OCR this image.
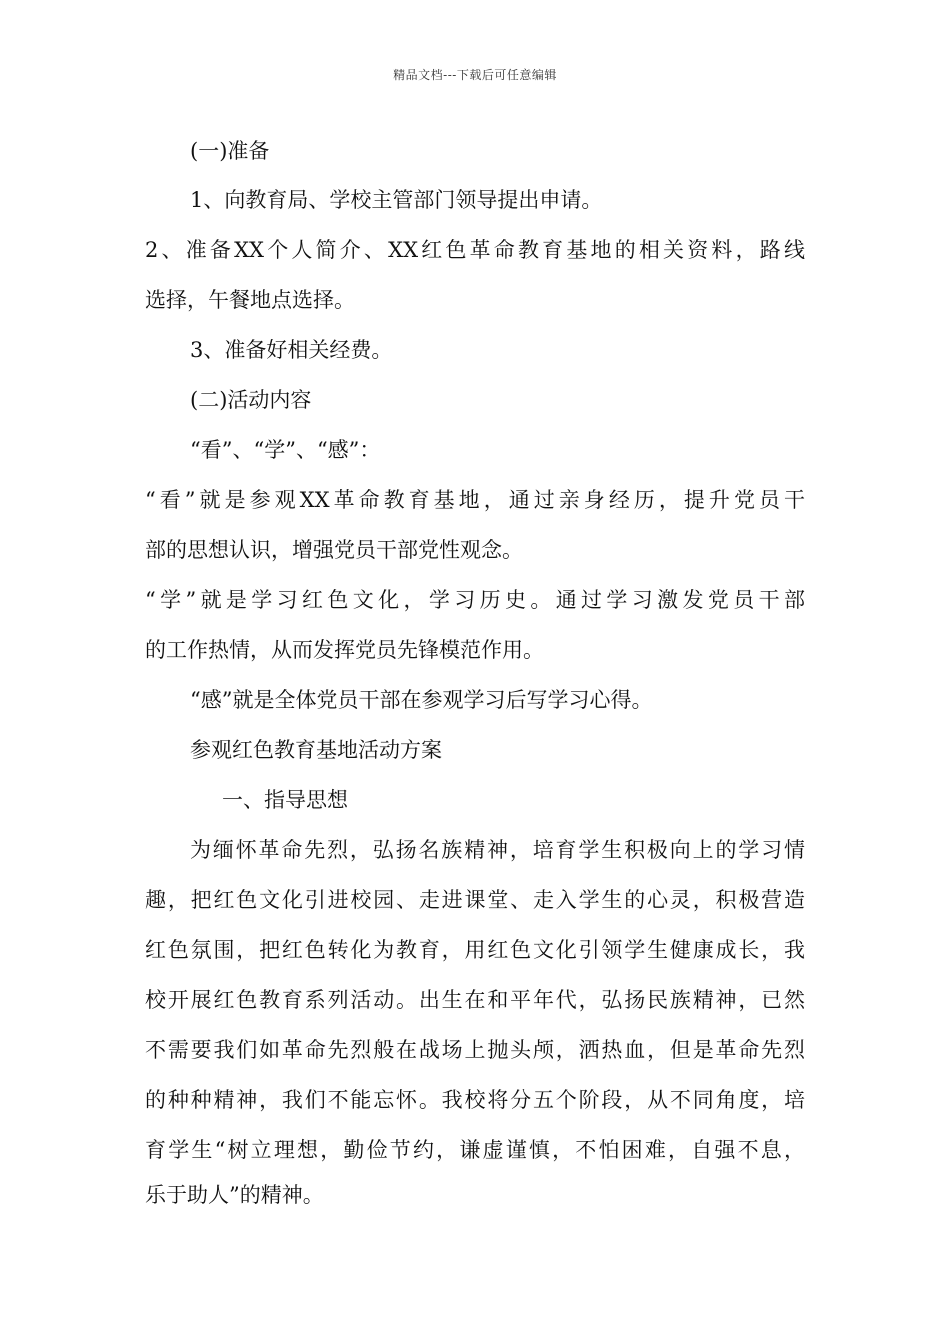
精品文档---下载后可任意编辑
(一)准备
1、向教育局、学校主管部门领导提出申请。
2、准备XX个人简介、XX红色革命教育基地的相关资料，路线
选择，午餐地点选择。
3、准备好相关经费。
(二)活动内容
“看”、“学”、“感”：
“看”就是参观XX革命教育基地，通过亲身经历，提升党员干
部的思想认识，增强党员干部党性观念。
“学”就是学习红色文化，学习历史。通过学习激发党员干部
的工作热情，从而发挥党员先锋模范作用。
“感”就是全体党员干部在参观学习后写学习心得。
参观红色教育基地活动方案
一、指导思想
为缅怀革命先烈，弘扬名族精神，培育学生积极向上的学习情
趣，把红色文化引进校园、走进课堂、走入学生的心灵，积极营造
红色氛围，把红色转化为教育，用红色文化引领学生健康成长，我
校开展红色教育系列活动。出生在和平年代，弘扬民族精神，已然
不需要我们如革命先烈般在战场上抛头颅，洒热血，但是革命先烈
的种种精神，我们不能忘怀。我校将分五个阶段，从不同角度，培
育学生“树立理想，勤俭节约，谦虚谨慎，不怕困难，自强不息，
乐于助人”的精神。
